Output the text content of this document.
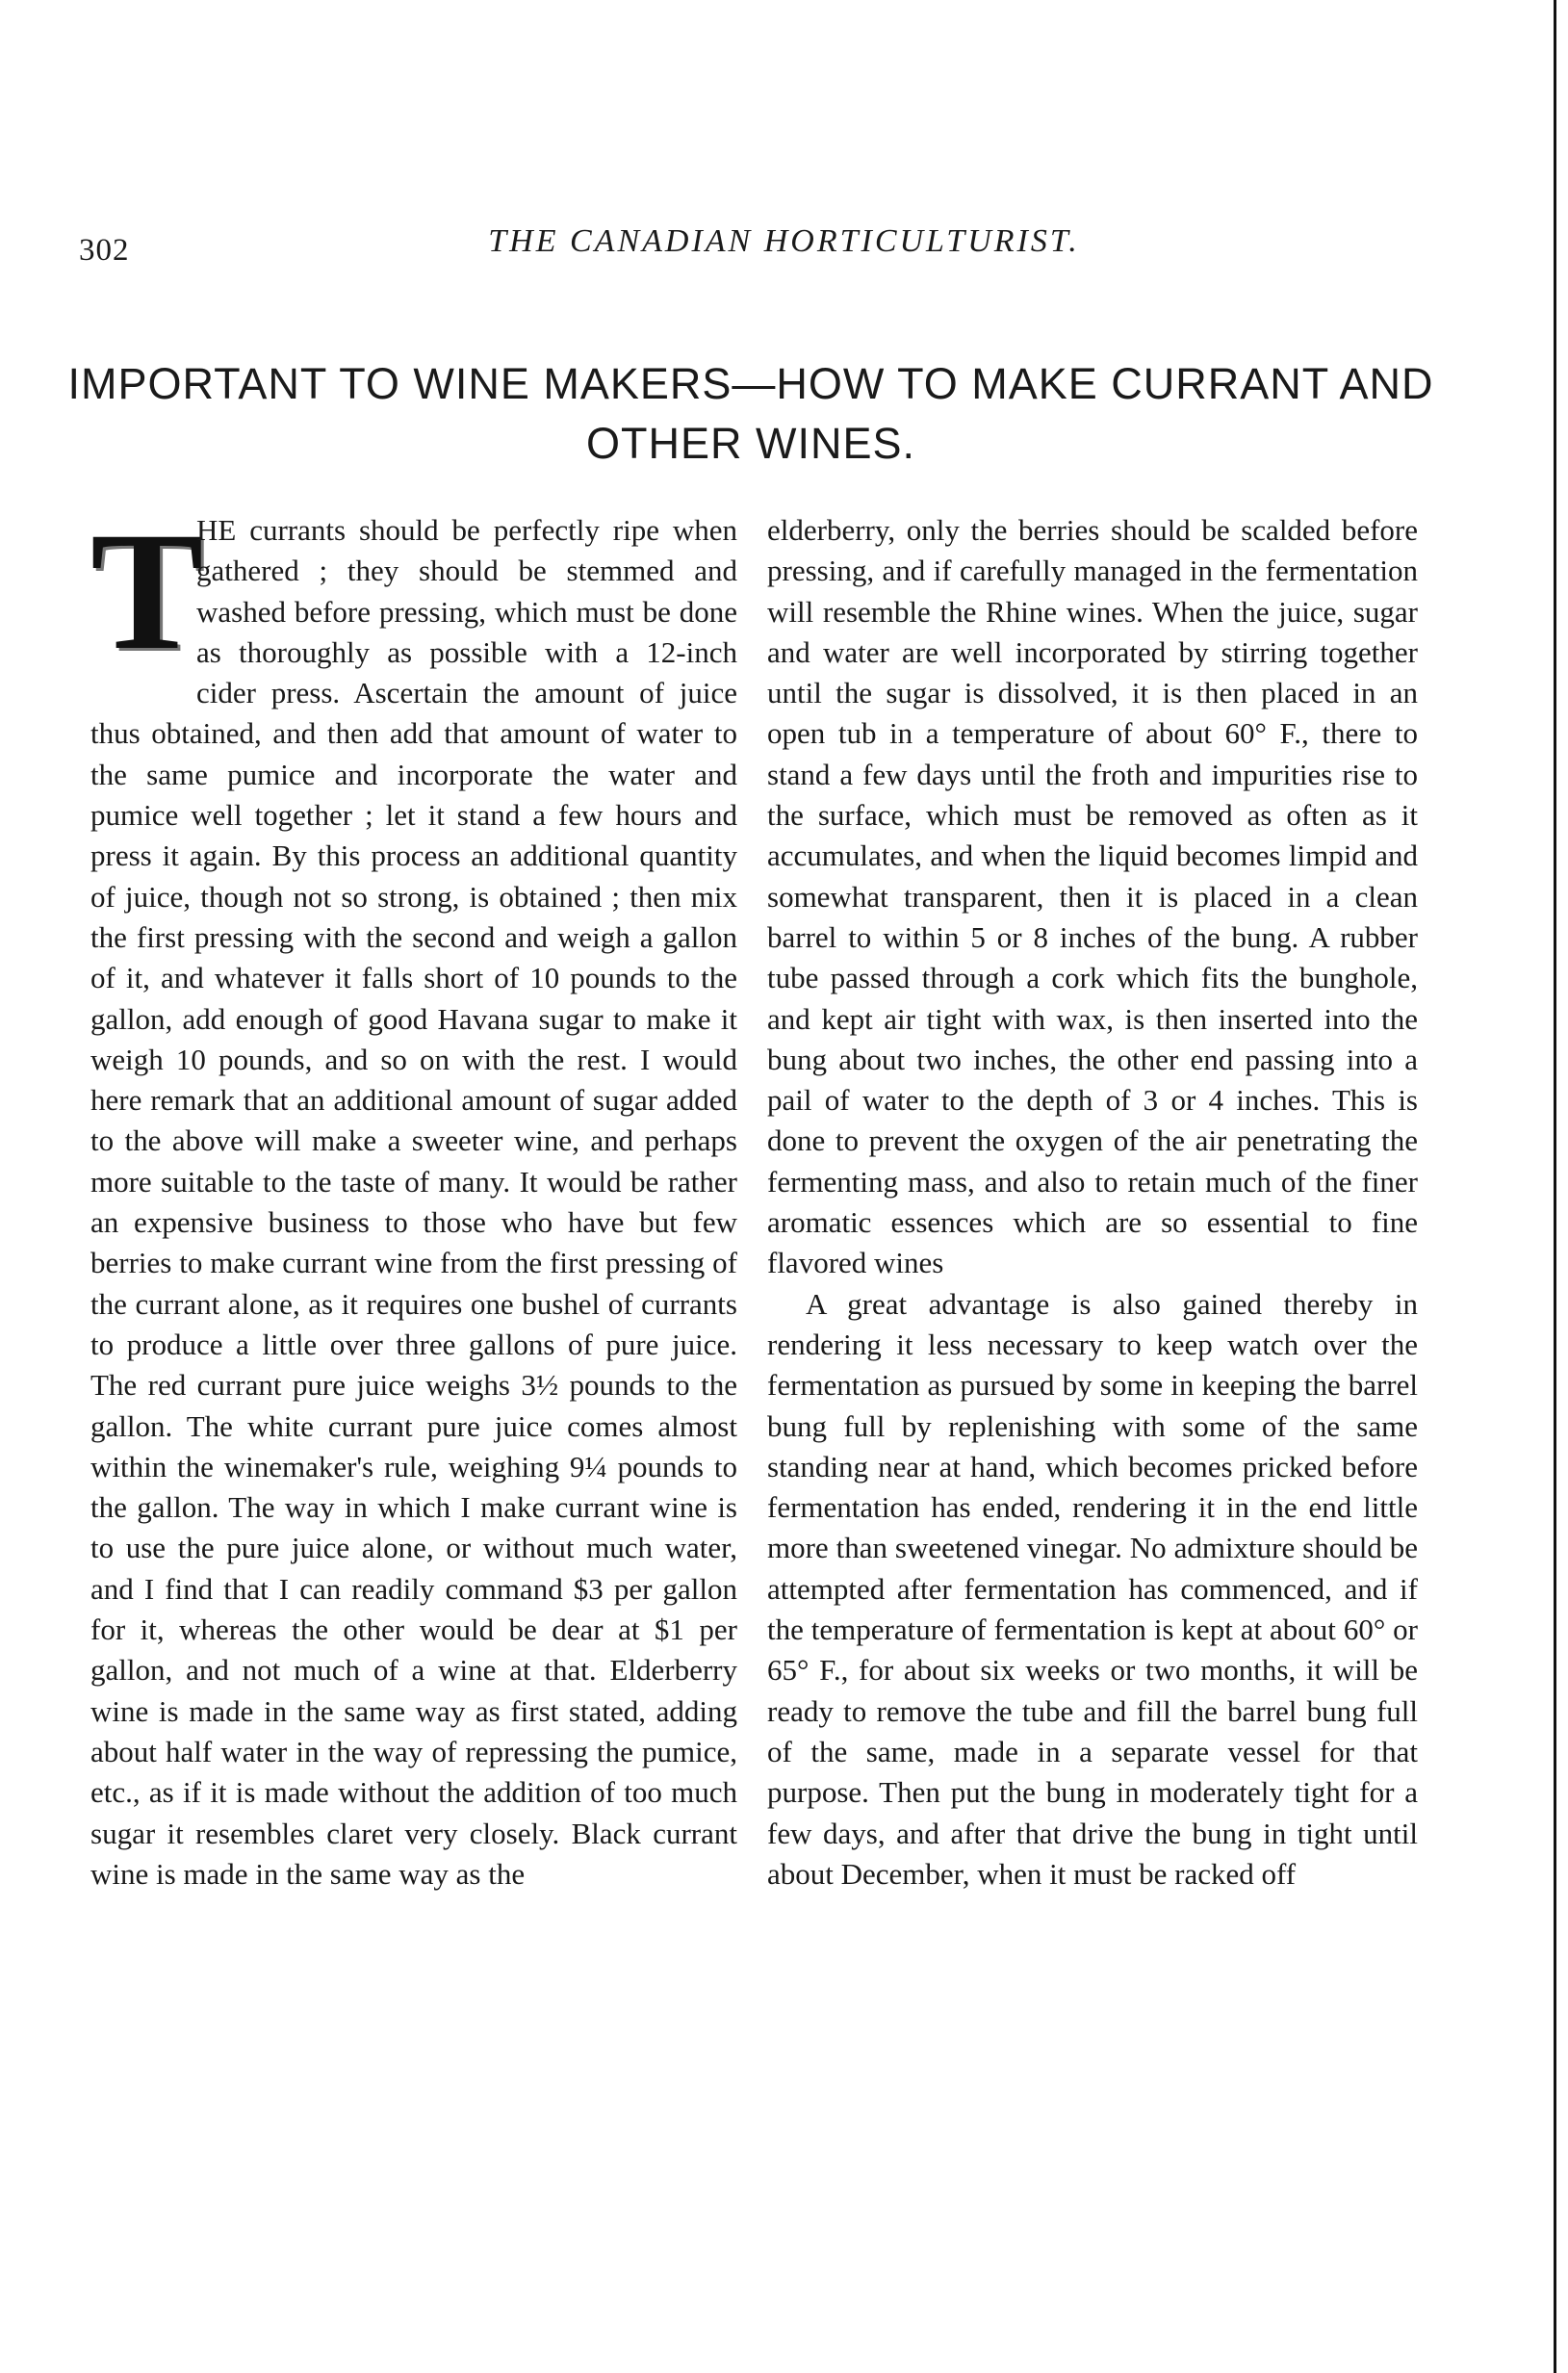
302	THE CANADIAN HORTICULTURIST.
IMPORTANT TO WINE MAKERS—HOW TO MAKE CURRANT AND OTHER WINES.

T
HE currants should be perfectly ripe when gathered ; they should be stemmed and washed before pressing, which must be done as thoroughly as possible with a 12-inch cider press. Ascertain the amount of juice thus obtained, and then add that amount of water to the same pumice and incorporate the water and pumice well together ; let it stand a few hours and press it again. By this process an additional quantity of juice, though not so strong, is obtained ; then mix the first pressing with the second and weigh a gallon of it, and whatever it falls short of 10 pounds to the gallon, add enough of good Havana sugar to make it weigh 10 pounds, and so on with the rest. I would here remark that an additional amount of sugar added to the above will make a sweeter wine, and perhaps more suitable to the taste of many. It would be rather an expensive business to those who have but few berries to make currant wine from the first pressing of the currant alone, as it requires one bushel of currants to produce a little over three gallons of pure juice. The red currant pure juice weighs 3½ pounds to the gallon. The white currant pure juice comes almost within the winemaker's rule, weighing 9¼ pounds to the gallon. The way in which I make currant wine is to use the pure juice alone, or without much water, and I find that I can readily command $3 per gallon for it, whereas the other would be dear at $1 per gallon, and not much of a wine at that. Elderberry wine is made in the same way as first stated, adding about half water in the way of repressing the pumice, etc., as if it is made without the addition of too much sugar it resembles claret very closely. Black currant wine is made in the same way as the

elderberry, only the berries should be scalded before pressing, and if carefully managed in the fermentation will resemble the Rhine wines. When the juice, sugar and water are well incorporated by stirring together until the sugar is dissolved, it is then placed in an open tub in a temperature of about 60° F., there to stand a few days until the froth and impurities rise to the surface, which must be removed as often as it accumulates, and when the liquid becomes limpid and somewhat transparent, then it is placed in a clean barrel to within 5 or 8 inches of the bung. A rubber tube passed through a cork which fits the bunghole, and kept air tight with wax, is then inserted into the bung about two inches, the other end passing into a pail of water to the depth of 3 or 4 inches. This is done to prevent the oxygen of the air penetrating the fermenting mass, and also to retain much of the finer aromatic essences which are so essential to fine flavored wines

A great advantage is also gained thereby in rendering it less necessary to keep watch over the fermentation as pursued by some in keeping the barrel bung full by replenishing with some of the same standing near at hand, which becomes pricked before fermentation has ended, rendering it in the end little more than sweetened vinegar. No admixture should be attempted after fermentation has commenced, and if the temperature of fermentation is kept at about 60° or 65° F., for about six weeks or two months, it will be ready to remove the tube and fill the barrel bung full of the same, made in a separate vessel for that purpose. Then put the bung in moderately tight for a few days, and after that drive the bung in tight until about December, when it must be racked off
